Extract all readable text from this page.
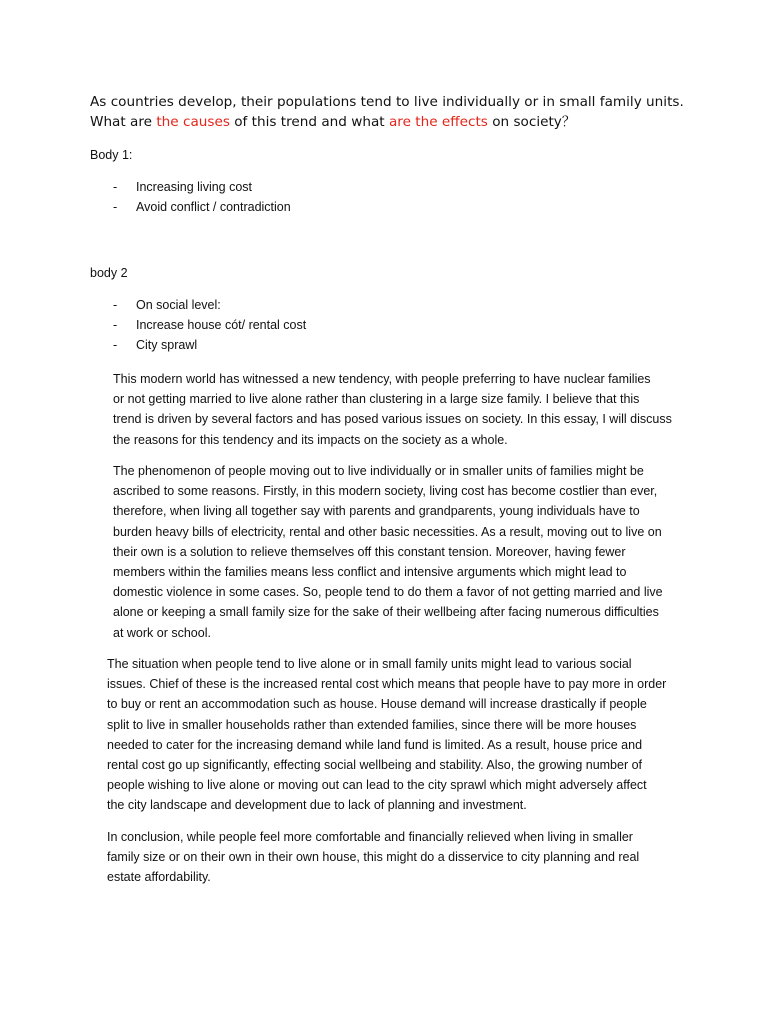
As countries develop, their populations tend to live individually or in small family units. What are the causes of this trend and what are the effects on society？
Body 1:
- Increasing living cost
- Avoid conflict / contradiction
body 2
- On social level:
- Increase house cót/ rental cost
- City sprawl

This modern world has witnessed a new tendency, with people preferring to have nuclear families
or not getting married to live alone rather than clustering in a large size family. I believe that this
trend is driven by several factors and has posed various issues on society. In this essay, I will discuss
the reasons for this tendency and its impacts on the society as a whole.

The phenomenon of people moving out to live individually or in smaller units of families might be
ascribed to some reasons. Firstly, in this modern society, living cost has become costlier than ever,
therefore, when living all together say with parents and grandparents, young individuals have to
burden heavy bills of electricity, rental and other basic necessities. As a result, moving out to live on
their own is a solution to relieve themselves off this constant tension. Moreover, having fewer
members within the families means less conflict and intensive arguments which might lead to
domestic violence in some cases. So, people tend to do them a favor of not getting married and live
alone or keeping a small family size for the sake of their wellbeing after facing numerous difficulties
at work or school.

The situation when people tend to live alone or in small family units might lead to various social
issues. Chief of these is the increased rental cost which means that people have to pay more in order
to buy or rent an accommodation such as house. House demand will increase drastically if people
split to live in smaller households rather than extended families, since there will be more houses
needed to cater for the increasing demand while land fund is limited. As a result, house price and
rental cost go up significantly, effecting social wellbeing and stability. Also, the growing number of
people wishing to live alone or moving out can lead to the city sprawl which might adversely affect
the city landscape and development due to lack of planning and investment.

In conclusion, while people feel more comfortable and financially relieved when living in smaller
family size or on their own in their own house, this might do a disservice to city planning and real
estate affordability.
